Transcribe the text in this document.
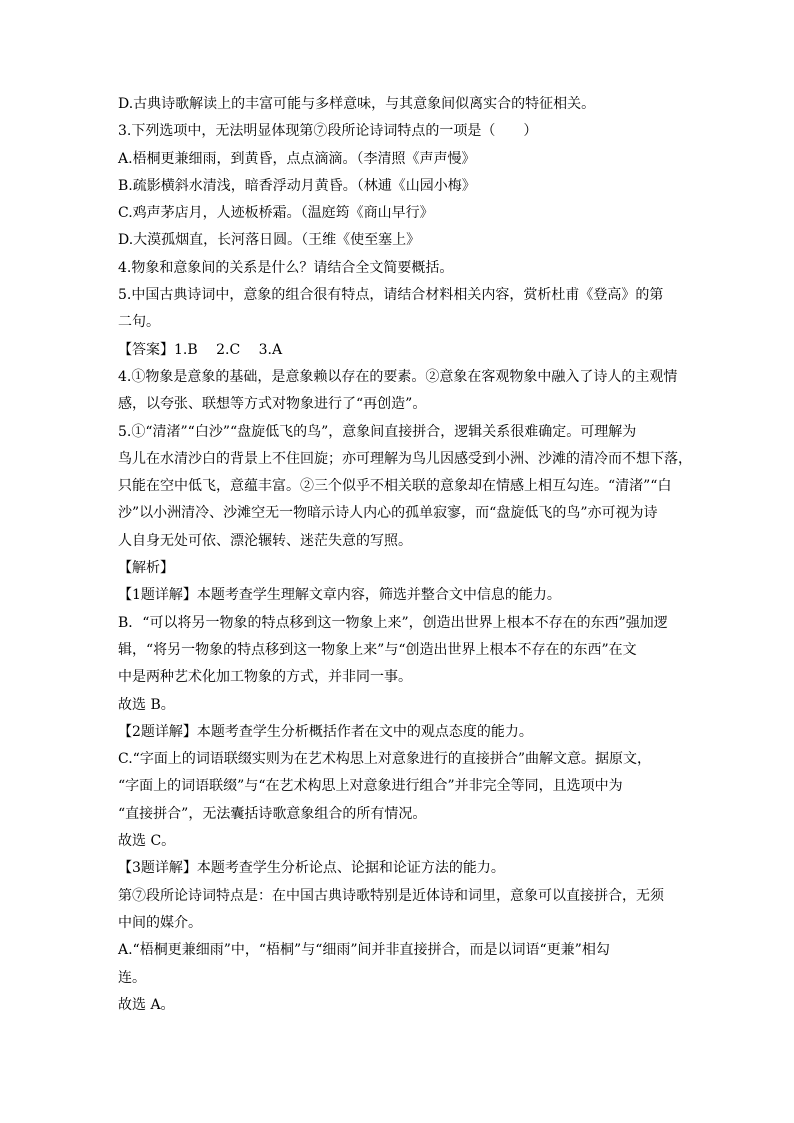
D.古典诗歌解读上的丰富可能与多样意味，与其意象间似离实合的特征相关。

3.下列选项中，无法明显体现第⑦段所论诗词特点的一项是（　　）

A.梧桐更兼细雨，到黄昏，点点滴滴。（李清照《声声慢》

B.疏影横斜水清浅，暗香浮动月黄昏。（林逋《山园小梅》

C.鸡声茅店月，人迹板桥霜。（温庭筠《商山早行》

D.大漠孤烟直，长河落日圆。（王维《使至塞上》

4.物象和意象间的关系是什么？请结合全文简要概括。

5.中国古典诗词中，意象的组合很有特点，请结合材料相关内容，赏析杜甫《登高》的第

二句。

【答案】1.B　 2.C　 3.A

4.①物象是意象的基础，是意象赖以存在的要素。②意象在客观物象中融入了诗人的主观情

感，以夸张、联想等方式对物象进行了“再创造”。

5.①“清渚”“白沙”“盘旋低飞的鸟”，意象间直接拼合，逻辑关系很难确定。可理解为

鸟儿在水清沙白的背景上不住回旋；亦可理解为鸟儿因感受到小洲、沙滩的清冷而不想下落，

只能在空中低飞，意蕴丰富。②三个似乎不相关联的意象却在情感上相互勾连。“清渚”“白

沙”以小洲清冷、沙滩空无一物暗示诗人内心的孤单寂寥，而“盘旋低飞的鸟”亦可视为诗

人自身无处可依、漂沦辗转、迷茫失意的写照。

【解析】

【1题详解】本题考查学生理解文章内容，筛选并整合文中信息的能力。

B．“可以将另一物象的特点移到这一物象上来”，创造出世界上根本不存在的东西”强加逻

辑，“将另一物象的特点移到这一物象上来”与“创造出世界上根本不存在的东西”在文

中是两种艺术化加工物象的方式，并非同一事。

故选 B。

【2题详解】本题考查学生分析概括作者在文中的观点态度的能力。

C.“字面上的词语联缀实则为在艺术构思上对意象进行的直接拼合”曲解文意。据原文，

“字面上的词语联缀”与“在艺术构思上对意象进行组合”并非完全等同，且选项中为

“直接拼合”，无法囊括诗歌意象组合的所有情况。

故选 C。

【3题详解】本题考查学生分析论点、论据和论证方法的能力。

第⑦段所论诗词特点是：在中国古典诗歌特别是近体诗和词里，意象可以直接拼合，无须

中间的媒介。

A.“梧桐更兼细雨”中，“梧桐”与“细雨”间并非直接拼合，而是以词语“更兼”相勾

连。

故选 A。
